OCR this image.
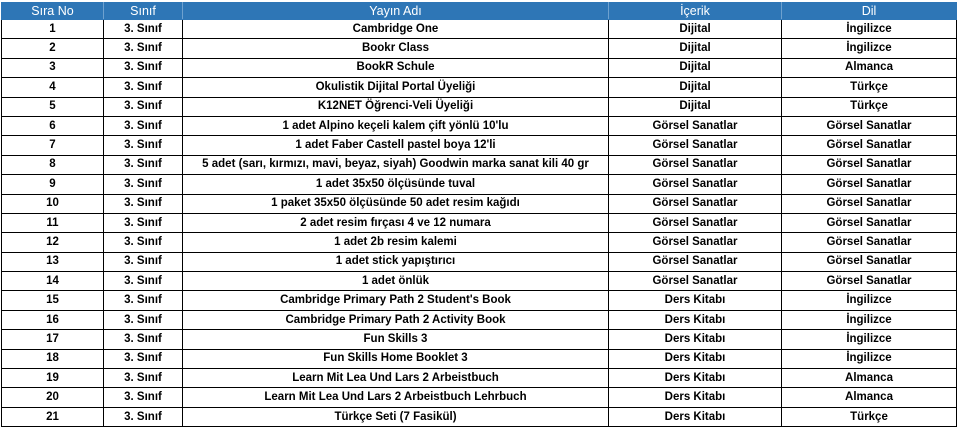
Sıra No	Sınıf	Yayın Adı	İçerik	Dil
1	3. Sınıf	Cambridge One	Dijital	İngilizce
2	3. Sınıf	Bookr Class	Dijital	İngilizce
3	3. Sınıf	BookR Schule	Dijital	Almanca
4	3. Sınıf	Okulistik Dijital Portal Üyeliği	Dijital	Türkçe
5	3. Sınıf	K12NET Öğrenci-Veli Üyeliği	Dijital	Türkçe
6	3. Sınıf	1 adet Alpino keçeli kalem çift yönlü 10'lu	Görsel Sanatlar	Görsel Sanatlar
7	3. Sınıf	1 adet Faber Castell pastel boya 12'li	Görsel Sanatlar	Görsel Sanatlar
8	3. Sınıf	5 adet (sarı, kırmızı, mavi, beyaz, siyah) Goodwin marka sanat kili 40 gr	Görsel Sanatlar	Görsel Sanatlar
9	3. Sınıf	1 adet 35x50 ölçüsünde tuval	Görsel Sanatlar	Görsel Sanatlar
10	3. Sınıf	1 paket 35x50 ölçüsünde 50 adet resim kağıdı	Görsel Sanatlar	Görsel Sanatlar
11	3. Sınıf	2 adet resim fırçası 4 ve 12 numara	Görsel Sanatlar	Görsel Sanatlar
12	3. Sınıf	1 adet 2b resim kalemi	Görsel Sanatlar	Görsel Sanatlar
13	3. Sınıf	1 adet stick yapıştırıcı	Görsel Sanatlar	Görsel Sanatlar
14	3. Sınıf	1 adet önlük	Görsel Sanatlar	Görsel Sanatlar
15	3. Sınıf	Cambridge Primary Path 2 Student's Book	Ders Kitabı	İngilizce
16	3. Sınıf	Cambridge Primary Path 2 Activity Book	Ders Kitabı	İngilizce
17	3. Sınıf	Fun Skills 3	Ders Kitabı	İngilizce
18	3. Sınıf	Fun Skills Home Booklet 3	Ders Kitabı	İngilizce
19	3. Sınıf	Learn Mit Lea Und Lars 2 Arbeistbuch	Ders Kitabı	Almanca
20	3. Sınıf	Learn Mit Lea Und Lars 2 Arbeistbuch Lehrbuch	Ders Kitabı	Almanca
21	3. Sınıf	Türkçe Seti (7 Fasikül)	Ders Kitabı	Türkçe
